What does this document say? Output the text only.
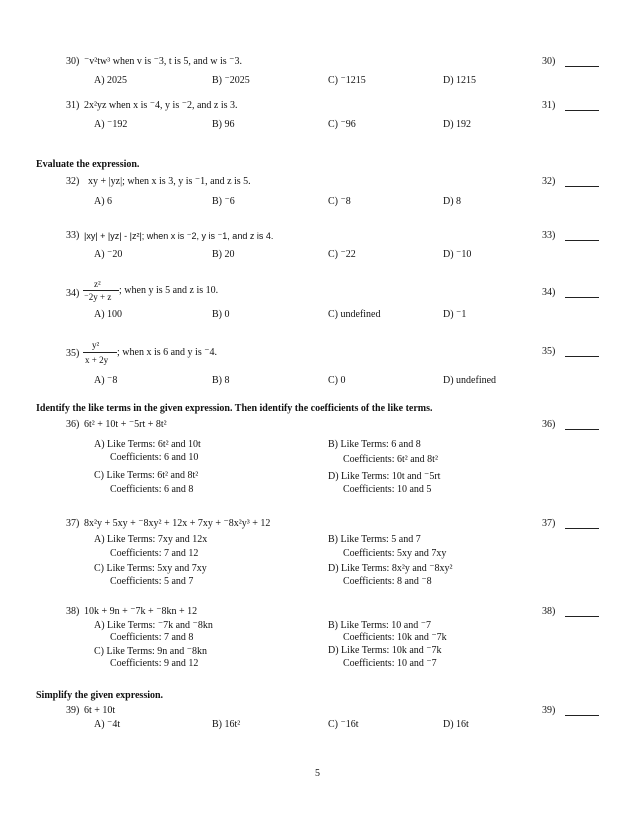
30) ⁻v²tw³ when v is ⁻3, t is 5, and w is ⁻3.	30)
A) 2025	B) ⁻2025	C) ⁻1215	D) 1215
31) 2x²yz when x is ⁻4, y is ⁻2, and z is 3.	31)
A) ⁻192	B) 96	C) ⁻96	D) 192
Evaluate the expression.
32) xy + |yz|; when x is 3, y is ⁻1, and z is 5.	32)
A) 6	B) ⁻6	C) ⁻8	D) 8
33) |xy| + |yz| - |z²|; when x is ⁻2, y is ⁻1, and z is 4.	33)
A) ⁻20	B) 20	C) ⁻22	D) ⁻10
34)
z²
⁻2y + z
; when y is 5 and z is 10.	34)
A) 100	B) 0	C) undefined	D) ⁻1
35)
y²
x + 2y
; when x is 6 and y is ⁻4.	35)
A) ⁻8	B) 8	C) 0	D) undefined
Identify the like terms in the given expression. Then identify the coefficients of the like terms.
36) 6t² + 10t + ⁻5rt + 8t²	36)
A) Like Terms: 6t² and 10t
Coefficients: 6 and 10
B) Like Terms: 6 and 8
Coefficients: 6t² and 8t²
C) Like Terms: 6t² and 8t²
Coefficients: 6 and 8
D) Like Terms: 10t and ⁻5rt
Coefficients: 10 and 5
37) 8x²y + 5xy + ⁻8xy² + 12x + 7xy + ⁻8x²y³ + 12	37)
A) Like Terms: 7xy and 12x
Coefficients: 7 and 12
B) Like Terms: 5 and 7
Coefficients: 5xy and 7xy
C) Like Terms: 5xy and 7xy
Coefficients: 5 and 7
D) Like Terms: 8x²y and ⁻8xy²
Coefficients: 8 and ⁻8
38) 10k + 9n + ⁻7k + ⁻8kn + 12	38)
A) Like Terms: ⁻7k and ⁻8kn
Coefficients: 7 and 8
B) Like Terms: 10 and ⁻7
Coefficients: 10k and ⁻7k
C) Like Terms: 9n and ⁻8kn
Coefficients: 9 and 12
D) Like Terms: 10k and ⁻7k
Coefficients: 10 and ⁻7
Simplify the given expression.
39) 6t + 10t	39)
A) ⁻4t	B) 16t²	C) ⁻16t	D) 16t
5
